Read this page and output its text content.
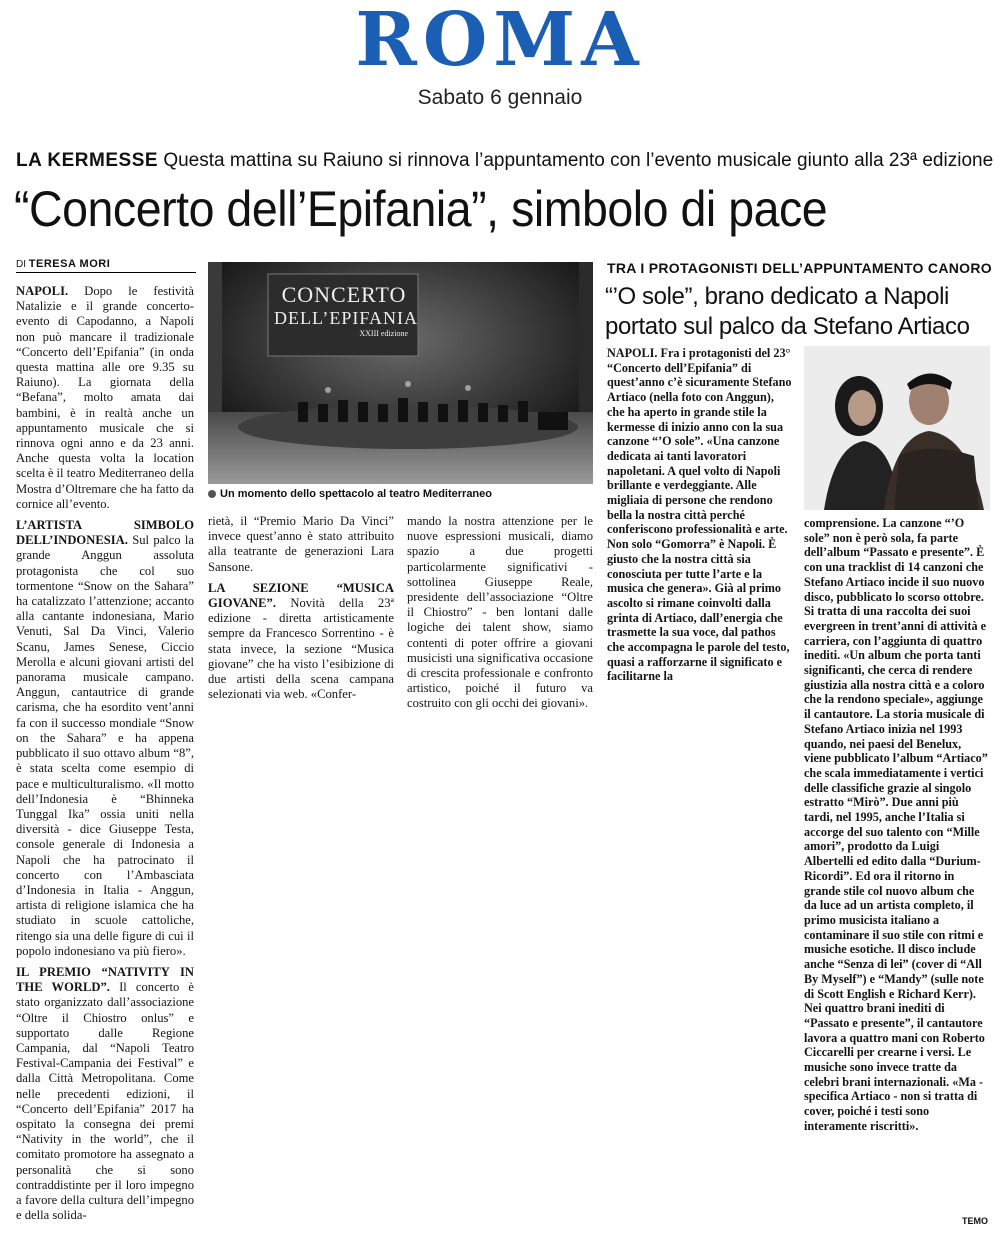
ROMA
Sabato 6 gennaio
LA KERMESSE Questa mattina su Raiuno si rinnova l’appuntamento con l’evento musicale giunto alla 23ª edizione
“Concerto dell’Epifania”, simbolo di pace
DI TERESA MORI

NAPOLI. Dopo le festività Natalizie e il grande concerto-evento di Capodanno, a Napoli non può mancare il tradizionale “Concerto dell’Epifania” (in onda questa mattina alle ore 9.35 su Raiuno). La giornata della “Befana”, molto amata dai bambini, è in realtà anche un appuntamento musicale che si rinnova ogni anno e da 23 anni. Anche questa volta la location scelta è il teatro Mediterraneo della Mostra d’Oltremare che ha fatto da cornice all’evento.

L’ARTISTA SIMBOLO DELL’INDONESIA. Sul palco la grande Anggun assoluta protagonista che col suo tormentone “Snow on the Sahara” ha catalizzato l’attenzione; accanto alla cantante indonesiana, Mario Venuti, Sal Da Vinci, Valerio Scanu, James Senese, Ciccio Merolla e alcuni giovani artisti del panorama musicale campano. Anggun, cantautrice di grande carisma, che ha esordito vent’anni fa con il successo mondiale “Snow on the Sahara” e ha appena pubblicato il suo ottavo album “8”, è stata scelta come esempio di pace e multiculturalismo. «Il motto dell’Indonesia è “Bhinneka Tunggal Ika” ossia uniti nella diversità - dice Giuseppe Testa, console generale di Indonesia a Napoli che ha patrocinato il concerto con l’Ambasciata d’Indonesia in Italia - Anggun, artista di religione islamica che ha studiato in scuole cattoliche, ritengo sia una delle figure di cui il popolo indonesiano va più fiero».

IL PREMIO “NATIVITY IN THE WORLD”. Il concerto è stato organizzato dall’associazione “Oltre il Chiostro onlus” e supportato dalle Regione Campania, dal “Napoli Teatro Festival-Campania dei Festival” e dalla Città Metropolitana. Come nelle precedenti edizioni, il “Concerto dell’Epifania” 2017 ha ospitato la consegna dei premi “Nativity in the world”, che il comitato promotore ha assegnato a personalità che si sono contraddistinte per il loro impegno a favore della cultura dell’impegno e della solida-

CONCERTO
DELL’EPIFANIA
XXIII edizione
Un momento dello spettacolo al teatro Mediterraneo

rietà, il “Premio Mario Da Vinci” invece quest’anno è stato attribuito alla teatrante de generazioni Lara Sansone.

LA SEZIONE “MUSICA GIOVANE”. Novità della 23ª edizione - diretta artisticamente sempre da Francesco Sorrentino - è stata invece, la sezione “Musica giovane” che ha visto l’esibizione di due artisti della scena campana selezionati via web. «Confer-

mando la nostra attenzione per le nuove espressioni musicali, diamo spazio a due progetti particolarmente significativi - sottolinea Giuseppe Reale, presidente dell’associazione “Oltre il Chiostro” - ben lontani dalle logiche dei talent show, siamo contenti di poter offrire a giovani musicisti una significativa occasione di crescita professionale e confronto artistico, poiché il futuro va costruito con gli occhi dei giovani».

TRA I PROTAGONISTI DELL’APPUNTAMENTO CANORO
“’O sole”, brano dedicato a Napoli portato sul palco da Stefano Artiaco

NAPOLI. Fra i protagonisti del 23° “Concerto dell’Epifania” di quest’anno c’è sicuramente Stefano Artiaco (nella foto con Anggun), che ha aperto in grande stile la kermesse di inizio anno con la sua canzone “’O sole”. «Una canzone dedicata ai tanti lavoratori napoletani. A quel volto di Napoli brillante e verdeggiante. Alle migliaia di persone che rendono bella la nostra città perché conferiscono professionalità e arte. Non solo “Gomorra” è Napoli. È giusto che la nostra città sia conosciuta per tutte l’arte e la musica che genera». Già al primo ascolto si rimane coinvolti dalla grinta di Artiaco, dall’energia che trasmette la sua voce, dal pathos che accompagna le parole del testo, quasi a rafforzarne il significato e facilitarne la

comprensione. La canzone “’O sole” non è però sola, fa parte dell’album “Passato e presente”. È con una tracklist di 14 canzoni che Stefano Artiaco incide il suo nuovo disco, pubblicato lo scorso ottobre. Si tratta di una raccolta dei suoi evergreen in trent’anni di attività e carriera, con l’aggiunta di quattro inediti. «Un album che porta tanti significanti, che cerca di rendere giustizia alla nostra città e a coloro che la rendono speciale», aggiunge il cantautore. La storia musicale di Stefano Artiaco inizia nel 1993 quando, nei paesi del Benelux, viene pubblicato l’album “Artiaco” che scala immediatamente i vertici delle classifiche grazie al singolo estratto “Mirò”. Due anni più tardi, nel 1995, anche l’Italia si accorge del suo talento con “Mille amori”, prodotto da Luigi Albertelli ed edito dalla “Durium-Ricordi”. Ed ora il ritorno in grande stile col nuovo album che da luce ad un artista completo, il primo musicista italiano a contaminare il suo stile con ritmi e musiche esotiche. Il disco include anche “Senza di lei” (cover di “All By Myself”) e “Mandy” (sulle note di Scott English e Richard Kerr). Nei quattro brani inediti di “Passato e presente”, il cantautore lavora a quattro mani con Roberto Ciccarelli per crearne i versi. Le musiche sono invece tratte da celebri brani internazionali. «Ma - specifica Artiaco - non si tratta di cover, poiché i testi sono interamente riscritti».

TEMO
